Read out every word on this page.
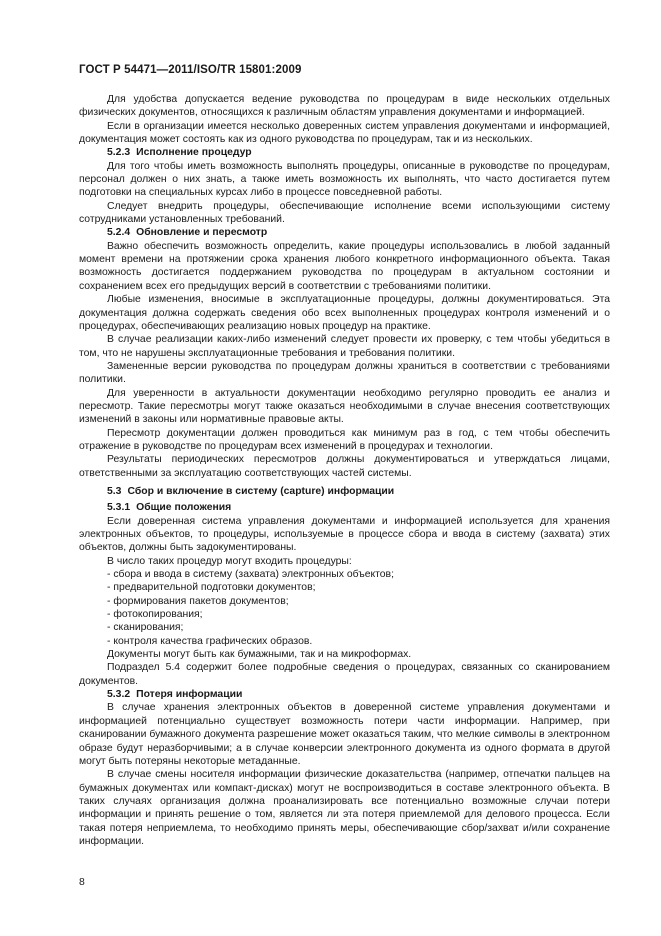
ГОСТ Р 54471—2011/ISO/TR 15801:2009

Для удобства допускается ведение руководства по процедурам в виде нескольких отдельных физических документов, относящихся к различным областям управления документами и информацией.

Если в организации имеется несколько доверенных систем управления документами и информацией, документация может состоять как из одного руководства по процедурам, так и из нескольких.

5.2.3 Исполнение процедур

Для того чтобы иметь возможность выполнять процедуры, описанные в руководстве по процедурам, персонал должен о них знать, а также иметь возможность их выполнять, что часто достигается путем подготовки на специальных курсах либо в процессе повседневной работы.

Следует внедрить процедуры, обеспечивающие исполнение всеми использующими систему сотрудниками установленных требований.

5.2.4 Обновление и пересмотр

Важно обеспечить возможность определить, какие процедуры использовались в любой заданный момент времени на протяжении срока хранения любого конкретного информационного объекта. Такая возможность достигается поддержанием руководства по процедурам в актуальном состоянии и сохранением всех его предыдущих версий в соответствии с требованиями политики.

Любые изменения, вносимые в эксплуатационные процедуры, должны документироваться. Эта документация должна содержать сведения обо всех выполненных процедурах контроля изменений и о процедурах, обеспечивающих реализацию новых процедур на практике.

В случае реализации каких-либо изменений следует провести их проверку, с тем чтобы убедиться в том, что не нарушены эксплуатационные требования и требования политики.

Замененные версии руководства по процедурам должны храниться в соответствии с требованиями политики.

Для уверенности в актуальности документации необходимо регулярно проводить ее анализ и пересмотр. Такие пересмотры могут также оказаться необходимыми в случае внесения соответствующих изменений в законы или нормативные правовые акты.

Пересмотр документации должен проводиться как минимум раз в год, с тем чтобы обеспечить отражение в руководстве по процедурам всех изменений в процедурах и технологии.

Результаты периодических пересмотров должны документироваться и утверждаться лицами, ответственными за эксплуатацию соответствующих частей системы.

5.3 Сбор и включение в систему (capture) информации

5.3.1 Общие положения

Если доверенная система управления документами и информацией используется для хранения электронных объектов, то процедуры, используемые в процессе сбора и ввода в систему (захвата) этих объектов, должны быть задокументированы.

В число таких процедур могут входить процедуры:

- сбора и ввода в систему (захвата) электронных объектов;

- предварительной подготовки документов;

- формирования пакетов документов;

- фотокопирования;

- сканирования;

- контроля качества графических образов.

Документы могут быть как бумажными, так и на микроформах.

Подраздел 5.4 содержит более подробные сведения о процедурах, связанных со сканированием документов.

5.3.2 Потеря информации

В случае хранения электронных объектов в доверенной системе управления документами и информацией потенциально существует возможность потери части информации. Например, при сканировании бумажного документа разрешение может оказаться таким, что мелкие символы в электронном образе будут неразборчивыми; а в случае конверсии электронного документа из одного формата в другой могут быть потеряны некоторые метаданные.

В случае смены носителя информации физические доказательства (например, отпечатки пальцев на бумажных документах или компакт-дисках) могут не воспроизводиться в составе электронного объекта. В таких случаях организация должна проанализировать все потенциально возможные случаи потери информации и принять решение о том, является ли эта потеря приемлемой для делового процесса. Если такая потеря неприемлема, то необходимо принять меры, обеспечивающие сбор/захват и/или сохранение информации.

8
